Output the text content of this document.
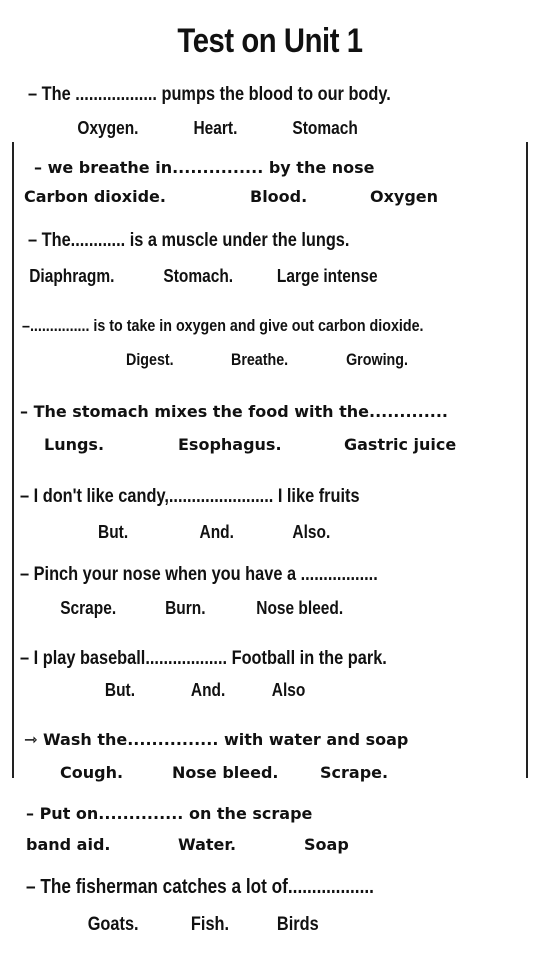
Test on Unit 1
– The .................. pumps the blood to our body.
Oxygen.	Heart.	Stomach
– we breathe in............... by the nose
Carbon dioxide.	Blood.	Oxygen
– The............ is a muscle under the lungs.
Diaphragm.	Stomach. Large intense
–............... is to take in oxygen and give out carbon dioxide.
Digest.	Breathe.	Growing.
– The stomach mixes the food with the.............
Lungs.	Esophagus.	Gastric juice
– I don't like candy,....................... I like fruits
But.	And.	Also.
– Pinch your nose when you have a .................
Scrape.	Burn.	Nose bleed.
– I play baseball.................. Football in the park.
But.	And.	Also
⇾ Wash the............... with water and soap
Cough.	Nose bleed.	Scrape.
– Put on.............. on the scrape
band aid.	Water.	Soap
– The fisherman catches a lot of..................
Goats.	Fish.	Birds
